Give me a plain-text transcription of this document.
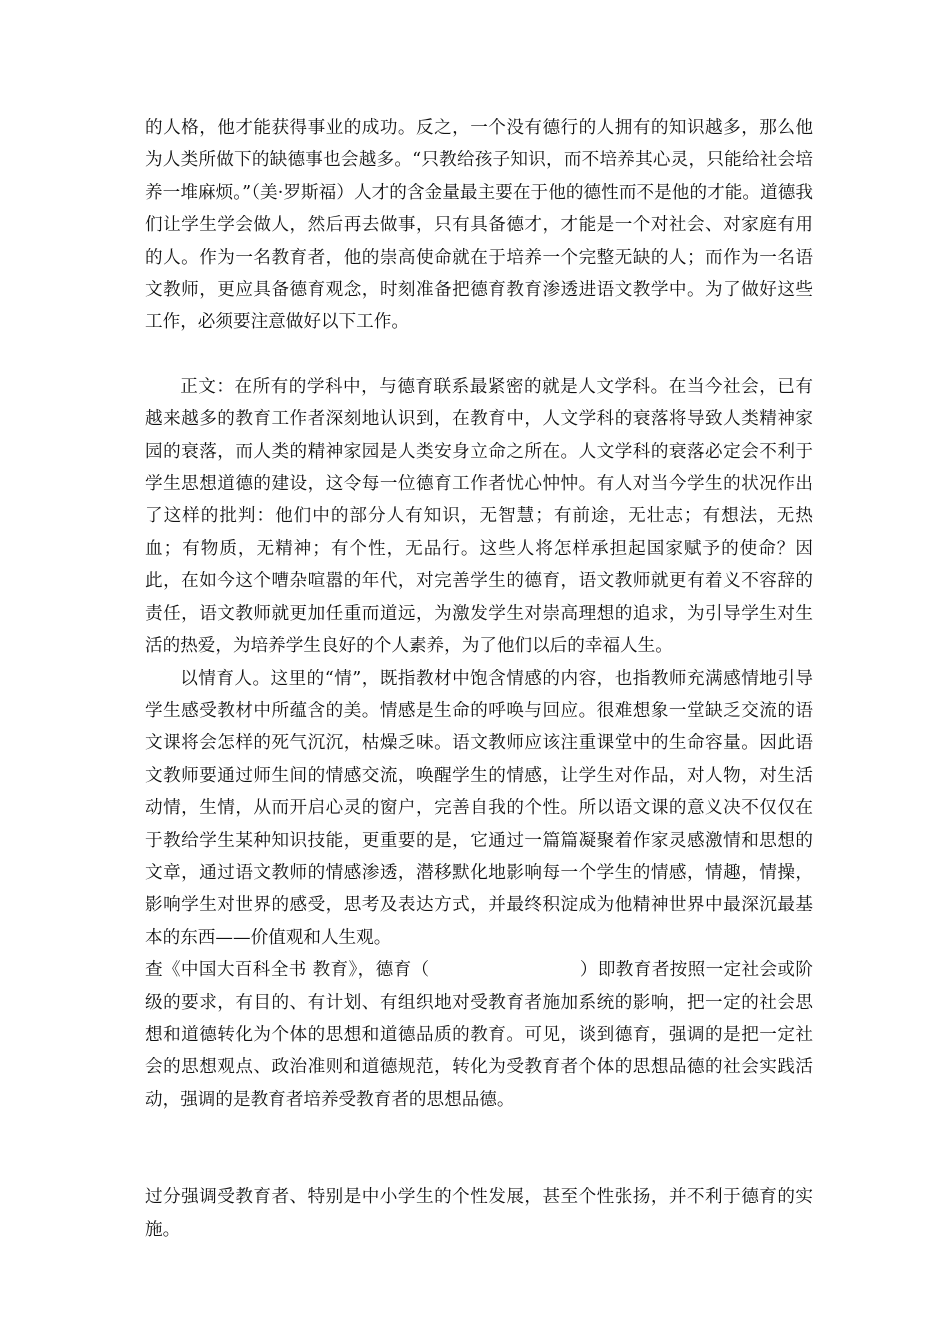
的人格，他才能获得事业的成功。反之，一个没有德行的人拥有的知识越多，那么他为人类所做下的缺德事也会越多。“只教给孩子知识，而不培养其心灵，只能给社会培养一堆麻烦。”（美·罗斯福）人才的含金量最主要在于他的德性而不是他的才能。道德我们让学生学会做人，然后再去做事，只有具备德才，才能是一个对社会、对家庭有用的人。作为一名教育者，他的崇高使命就在于培养一个完整无缺的人；而作为一名语文教师，更应具备德育观念，时刻准备把德育教育渗透进语文教学中。为了做好这些工作，必须要注意做好以下工作。

正文：在所有的学科中，与德育联系最紧密的就是人文学科。在当今社会，已有越来越多的教育工作者深刻地认识到，在教育中，人文学科的衰落将导致人类精神家园的衰落，而人类的精神家园是人类安身立命之所在。人文学科的衰落必定会不利于学生思想道德的建设，这令每一位德育工作者忧心忡忡。有人对当今学生的状况作出了这样的批判：他们中的部分人有知识，无智慧；有前途，无壮志；有想法，无热血；有物质，无精神；有个性，无品行。这些人将怎样承担起国家赋予的使命？因此，在如今这个嘈杂喧嚣的年代，对完善学生的德育，语文教师就更有着义不容辞的责任，语文教师就更加任重而道远，为激发学生对崇高理想的追求，为引导学生对生活的热爱，为培养学生良好的个人素养，为了他们以后的幸福人生。

以情育人。这里的“情”，既指教材中饱含情感的内容，也指教师充满感情地引导学生感受教材中所蕴含的美。情感是生命的呼唤与回应。很难想象一堂缺乏交流的语文课将会怎样的死气沉沉，枯燥乏味。语文教师应该注重课堂中的生命容量。因此语文教师要通过师生间的情感交流，唤醒学生的情感，让学生对作品，对人物，对生活动情，生情，从而开启心灵的窗户，完善自我的个性。所以语文课的意义决不仅仅在于教给学生某种知识技能，更重要的是，它通过一篇篇凝聚着作家灵感激情和思想的文章，通过语文教师的情感渗透，潜移默化地影响每一个学生的情感，情趣，情操，影响学生对世界的感受，思考及表达方式，并最终积淀成为他精神世界中最深沉最基本的东西——价值观和人生观。

查《中国大百科全书 教育》，德育（	）即教育者按照一定社会或阶级的要求，有目的、有计划、有组织地对受教育者施加系统的影响，把一定的社会思想和道德转化为个体的思想和道德品质的教育。可见，谈到德育，强调的是把一定社会的思想观点、政治准则和道德规范，转化为受教育者个体的思想品德的社会实践活动，强调的是教育者培养受教育者的思想品德。

过分强调受教育者、特别是中小学生的个性发展，甚至个性张扬，并不利于德育的实施。
